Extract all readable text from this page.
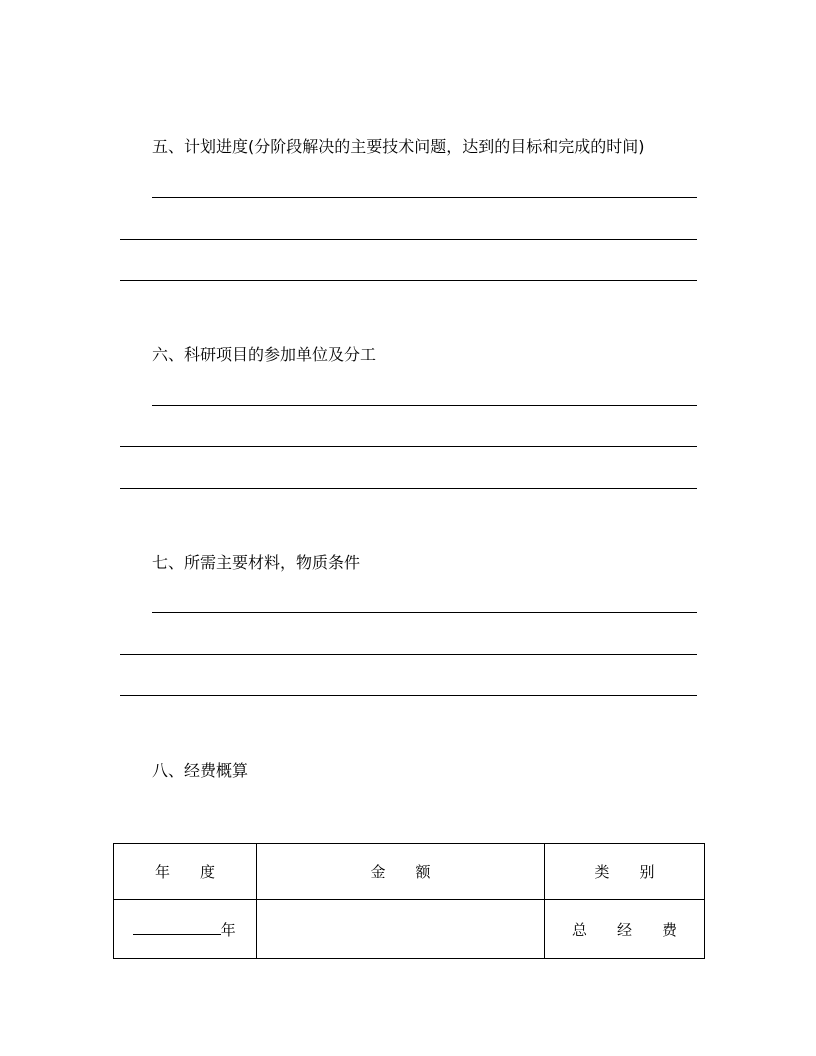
五、计划进度(分阶段解决的主要技术问题，达到的目标和完成的时间)
六、科研项目的参加单位及分工
七、所需主要材料，物质条件
八、经费概算
年　　度	金　　额	类　　别

年		总　　经　　费
